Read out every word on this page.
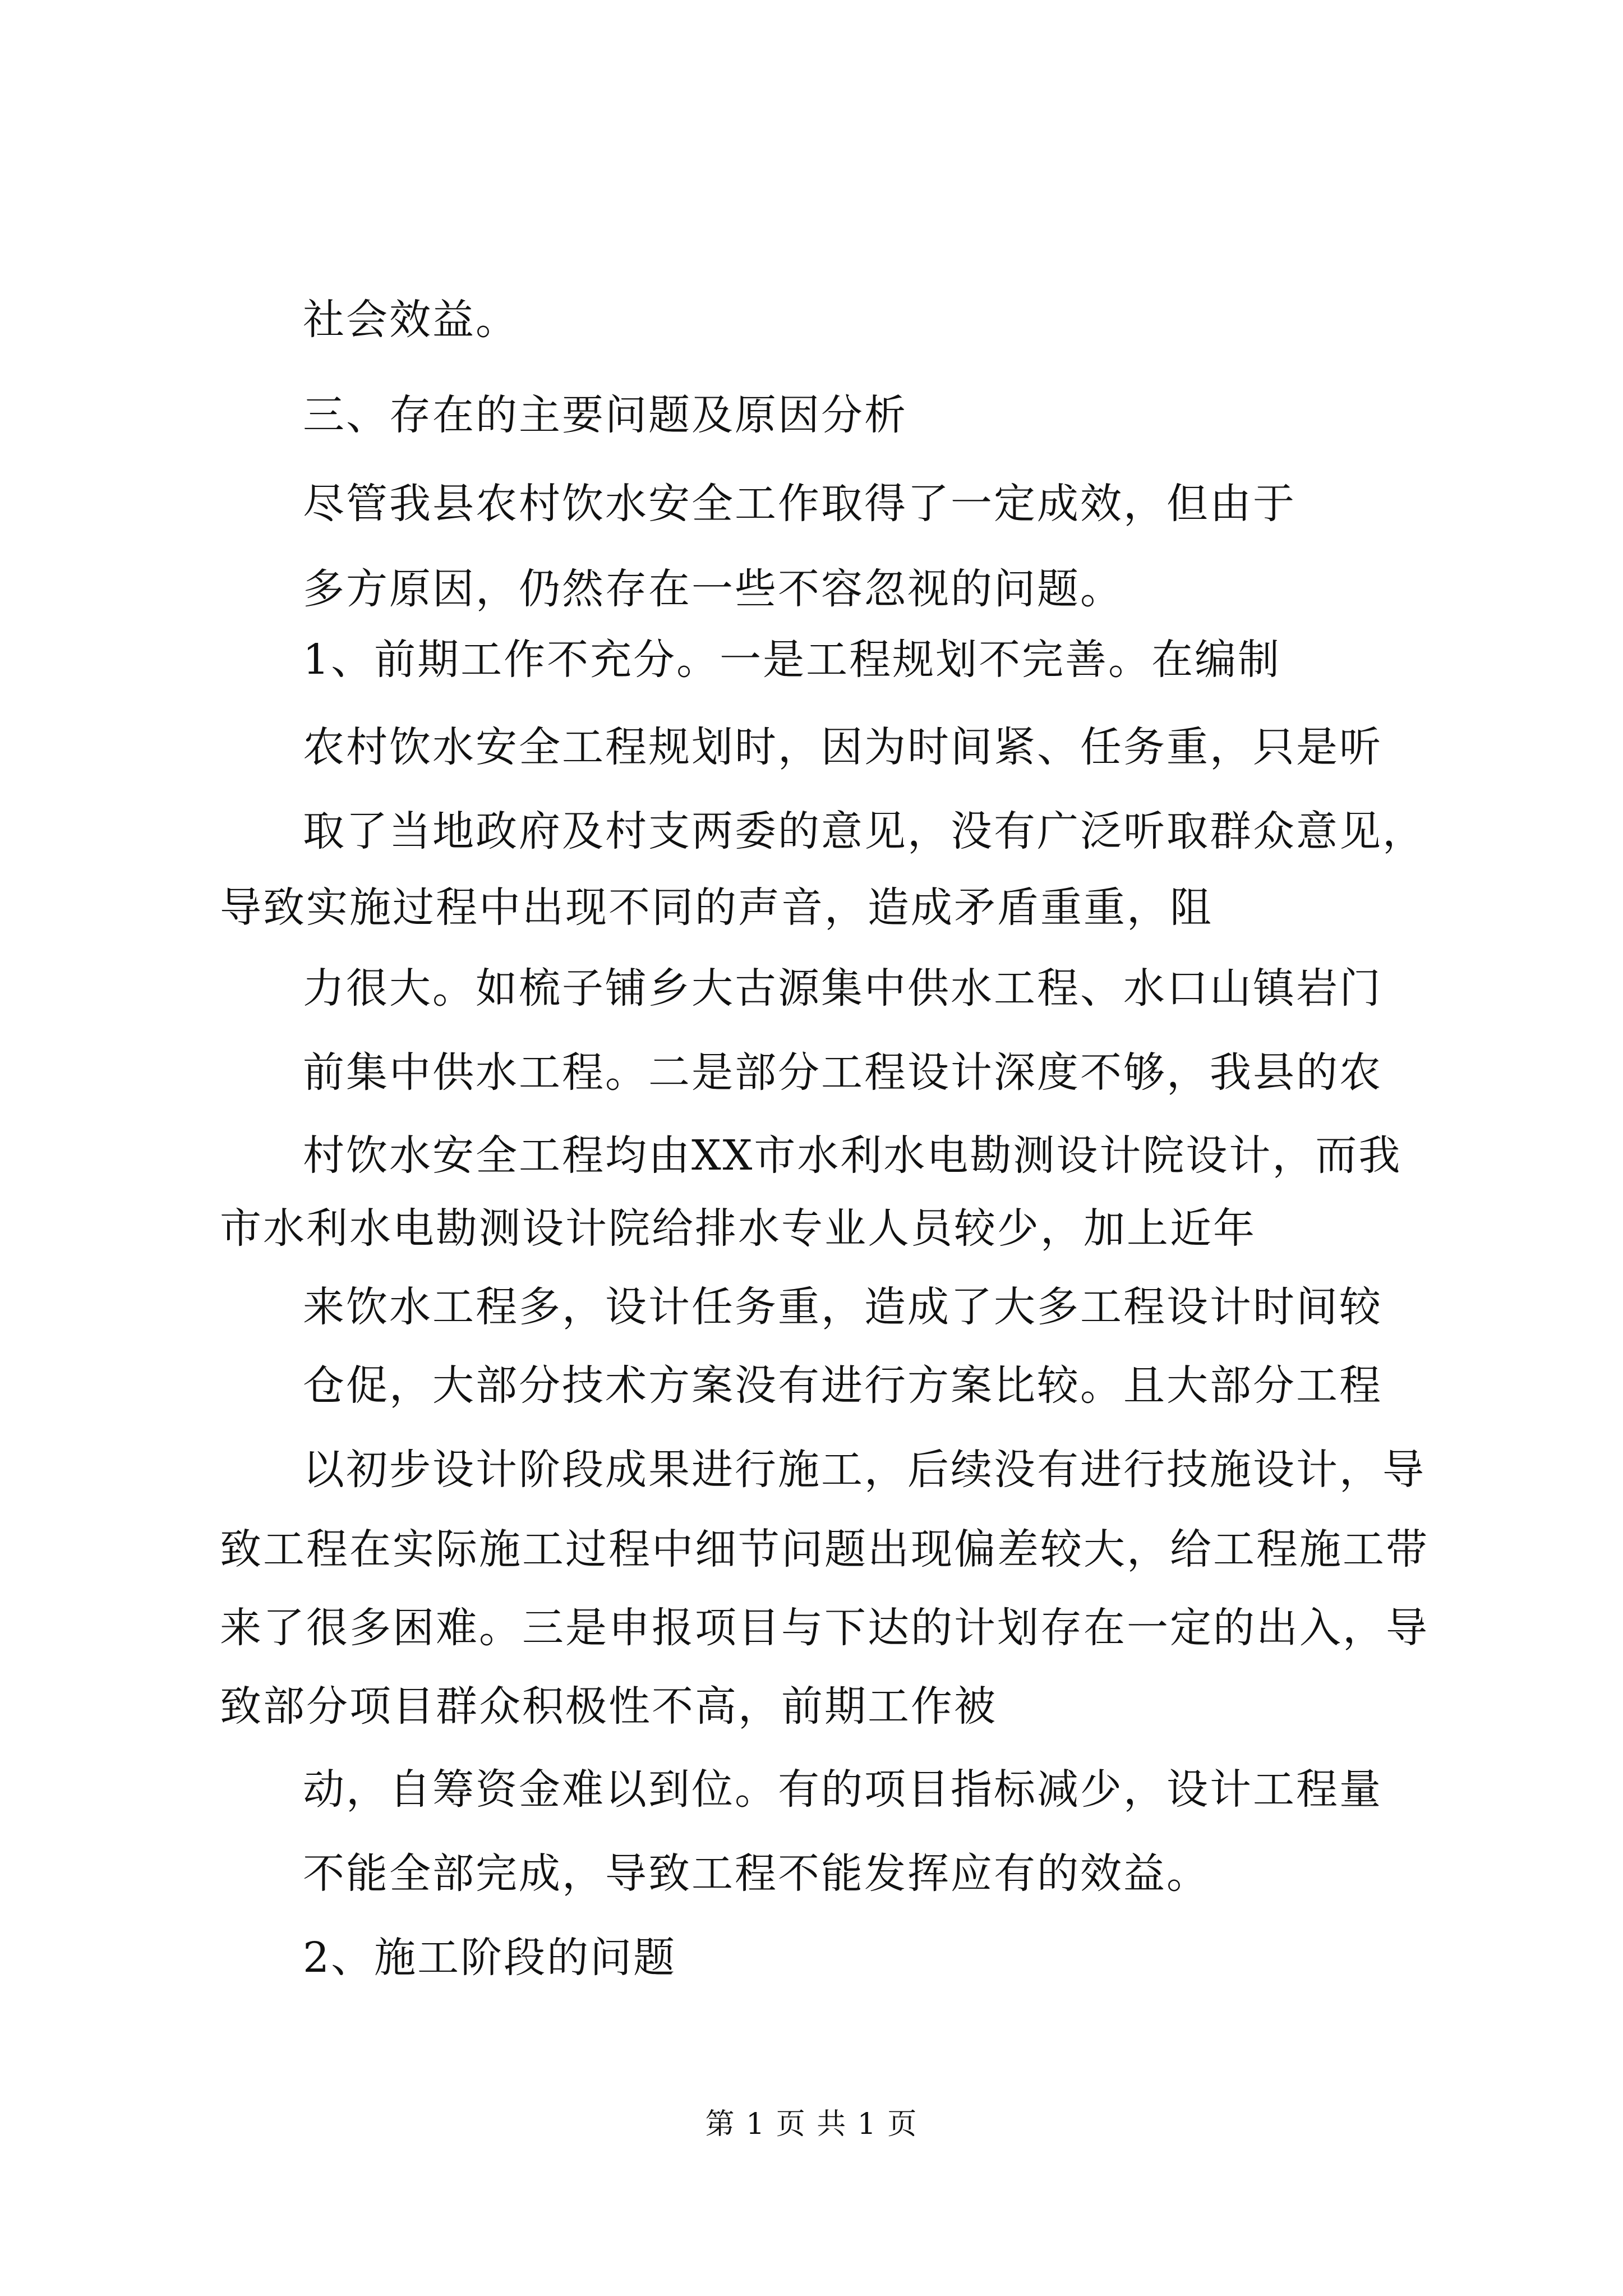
社会效益。
三、存在的主要问题及原因分析
尽管我县农村饮水安全工作取得了一定成效，但由于
多方原因，仍然存在一些不容忽视的问题。
1、前期工作不充分。一是工程规划不完善。在编制
农村饮水安全工程规划时，因为时间紧、任务重，只是听
取了当地政府及村支两委的意见，没有广泛听取群众意见，
导致实施过程中出现不同的声音，造成矛盾重重，阻
力很大。如梳子铺乡大古源集中供水工程、水口山镇岩门
前集中供水工程。二是部分工程设计深度不够，我县的农
村饮水安全工程均由XX市水利水电勘测设计院设计，而我
市水利水电勘测设计院给排水专业人员较少，加上近年
来饮水工程多，设计任务重，造成了大多工程设计时间较
仓促，大部分技术方案没有进行方案比较。且大部分工程
以初步设计阶段成果进行施工，后续没有进行技施设计，导
致工程在实际施工过程中细节问题出现偏差较大，给工程施工带
来了很多困难。三是申报项目与下达的计划存在一定的出入，导
致部分项目群众积极性不高，前期工作被
动，自筹资金难以到位。有的项目指标减少，设计工程量
不能全部完成，导致工程不能发挥应有的效益。
2、施工阶段的问题
第 1 页 共 1 页
